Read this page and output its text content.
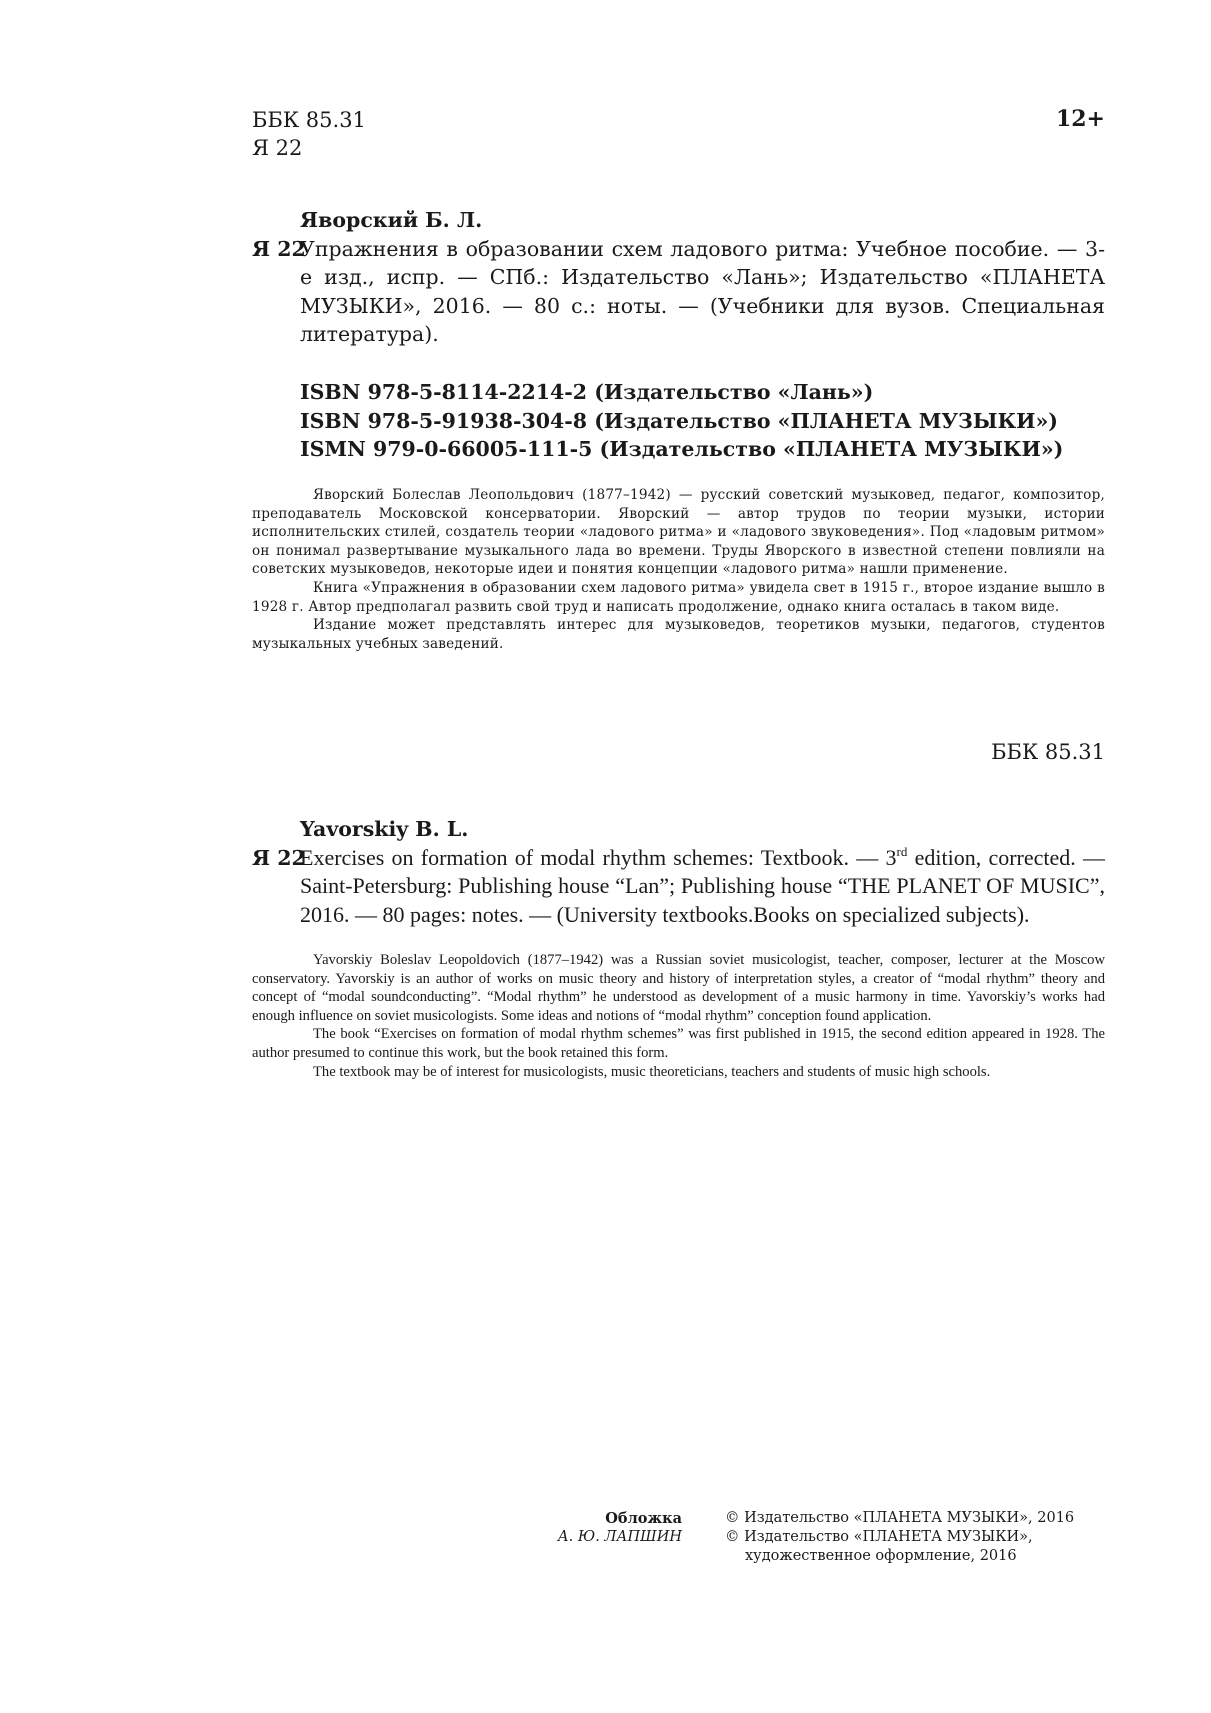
ББК 85.31
Я 22
12+
Яворский Б. Л.
Я 22
Упражнения в образовании схем ладового ритма: Учебное пособие. — 3-е изд., испр. — СПб.: Издательство «Лань»; Издательство «ПЛАНЕТА МУЗЫКИ», 2016. — 80 с.: ноты. — (Учебники для вузов. Специальная литература).
ISBN 978-5-8114-2214-2 (Издательство «Лань»)
ISBN 978-5-91938-304-8 (Издательство «ПЛАНЕТА МУЗЫКИ»)
ISMN 979-0-66005-111-5 (Издательство «ПЛАНЕТА МУЗЫКИ»)

Яворский Болеслав Леопольдович (1877–1942) — русский советский музыковед, педагог, композитор, преподаватель Московской консерватории. Яворский — автор трудов по теории музыки, истории исполнительских стилей, создатель теории «ладового ритма» и «ладового звуковедения». Под «ладовым ритмом» он понимал развертывание музыкального лада во времени. Труды Яворского в известной степени повлияли на советских музыковедов, некоторые идеи и понятия концепции «ладового ритма» нашли применение.

Книга «Упражнения в образовании схем ладового ритма» увидела свет в 1915 г., второе издание вышло в 1928 г. Автор предполагал развить свой труд и написать продолжение, однако книга осталась в таком виде.

Издание может представлять интерес для музыковедов, теоретиков музыки, педагогов, студентов музыкальных учебных заведений.

ББК 85.31
Yavorskiy B. L.
Я 22
Exercises on formation of modal rhythm schemes: Textbook. — 3rd edition, corrected. — Saint-Petersburg: Publishing house “Lan”; Publishing house “THE PLANET OF MUSIC”, 2016. — 80 pages: notes. — (University textbooks.Books on specialized subjects).

Yavorskiy Boleslav Leopoldovich (1877–1942) was a Russian soviet musicologist, teacher, composer, lecturer at the Moscow conservatory. Yavorskiy is an author of works on music theory and history of interpretation styles, a creator of “modal rhythm” theory and concept of “modal soundconducting”. “Modal rhythm” he understood as development of a music harmony in time. Yavorskiy’s works had enough influence on soviet musicologists. Some ideas and notions of “modal rhythm” conception found application.

The book “Exercises on formation of modal rhythm schemes” was first published in 1915, the second edition appeared in 1928. The author presumed to continue this work, but the book retained this form.

The textbook may be of interest for musicologists, music theoreticians, teachers and students of music high schools.

Обложка
А. Ю. ЛАПШИН
© Издательство «ПЛАНЕТА МУЗЫКИ», 2016
© Издательство «ПЛАНЕТА МУЗЫКИ»,
художественное оформление, 2016
